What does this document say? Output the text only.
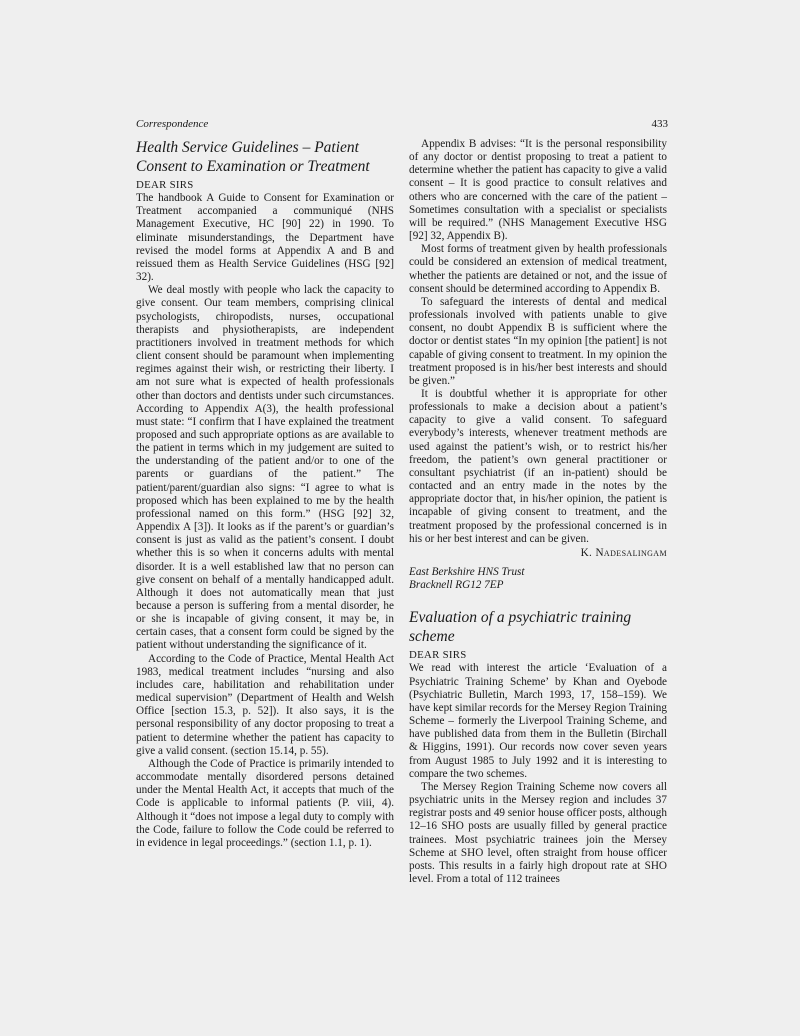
Correspondence	433
Health Service Guidelines – Patient Consent to Examination or Treatment

DEAR SIRS

The handbook A Guide to Consent for Examination or Treatment accompanied a communiqué (NHS Management Executive, HC [90] 22) in 1990. To eliminate misunderstandings, the Department have revised the model forms at Appendix A and B and reissued them as Health Service Guidelines (HSG [92] 32).

We deal mostly with people who lack the capacity to give consent. Our team members, comprising clinical psychologists, chiropodists, nurses, occupational therapists and physiotherapists, are independent practitioners involved in treatment methods for which client consent should be paramount when implementing regimes against their wish, or restricting their liberty. I am not sure what is expected of health professionals other than doctors and dentists under such circumstances. According to Appendix A(3), the health professional must state: “I confirm that I have explained the treatment proposed and such appropriate options as are available to the patient in terms which in my judgement are suited to the understanding of the patient and/or to one of the parents or guardians of the patient.” The patient/parent/guardian also signs: “I agree to what is proposed which has been explained to me by the health professional named on this form.” (HSG [92] 32, Appendix A [3]). It looks as if the parent’s or guardian’s consent is just as valid as the patient’s consent. I doubt whether this is so when it concerns adults with mental disorder. It is a well established law that no person can give consent on behalf of a mentally handicapped adult. Although it does not automatically mean that just because a person is suffering from a mental disorder, he or she is incapable of giving consent, it may be, in certain cases, that a consent form could be signed by the patient without understanding the significance of it.

According to the Code of Practice, Mental Health Act 1983, medical treatment includes “nursing and also includes care, habilitation and rehabilitation under medical supervision” (Department of Health and Welsh Office [section 15.3, p. 52]). It also says, it is the personal responsibility of any doctor proposing to treat a patient to determine whether the patient has capacity to give a valid consent. (section 15.14, p. 55).

Although the Code of Practice is primarily intended to accommodate mentally disordered persons detained under the Mental Health Act, it accepts that much of the Code is applicable to informal patients (P. viii, 4). Although it “does not impose a legal duty to comply with the Code, failure to follow the Code could be referred to in evidence in legal proceedings.” (section 1.1, p. 1).

Appendix B advises: “It is the personal responsibility of any doctor or dentist proposing to treat a patient to determine whether the patient has capacity to give a valid consent – It is good practice to consult relatives and others who are concerned with the care of the patient – Sometimes consultation with a specialist or specialists will be required.” (NHS Management Executive HSG [92] 32, Appendix B).

Most forms of treatment given by health professionals could be considered an extension of medical treatment, whether the patients are detained or not, and the issue of consent should be determined according to Appendix B.

To safeguard the interests of dental and medical professionals involved with patients unable to give consent, no doubt Appendix B is sufficient where the doctor or dentist states “In my opinion [the patient] is not capable of giving consent to treatment. In my opinion the treatment proposed is in his/her best interests and should be given.”

It is doubtful whether it is appropriate for other professionals to make a decision about a patient’s capacity to give a valid consent. To safeguard everybody’s interests, whenever treatment methods are used against the patient’s wish, or to restrict his/her freedom, the patient’s own general practitioner or consultant psychiatrist (if an in-patient) should be contacted and an entry made in the notes by the appropriate doctor that, in his/her opinion, the patient is incapable of giving consent to treatment, and the treatment proposed by the professional concerned is in his or her best interest and can be given.

K. Nadesalingam

East Berkshire HNS Trust

Bracknell RG12 7EP

Evaluation of a psychiatric training scheme

DEAR SIRS

We read with interest the article ‘Evaluation of a Psychiatric Training Scheme’ by Khan and Oyebode (Psychiatric Bulletin, March 1993, 17, 158–159). We have kept similar records for the Mersey Region Training Scheme – formerly the Liverpool Training Scheme, and have published data from them in the Bulletin (Birchall & Higgins, 1991). Our records now cover seven years from August 1985 to July 1992 and it is interesting to compare the two schemes.

The Mersey Region Training Scheme now covers all psychiatric units in the Mersey region and includes 37 registrar posts and 49 senior house officer posts, although 12–16 SHO posts are usually filled by general practice trainees. Most psychiatric trainees join the Mersey Scheme at SHO level, often straight from house officer posts. This results in a fairly high dropout rate at SHO level. From a total of 112 trainees
